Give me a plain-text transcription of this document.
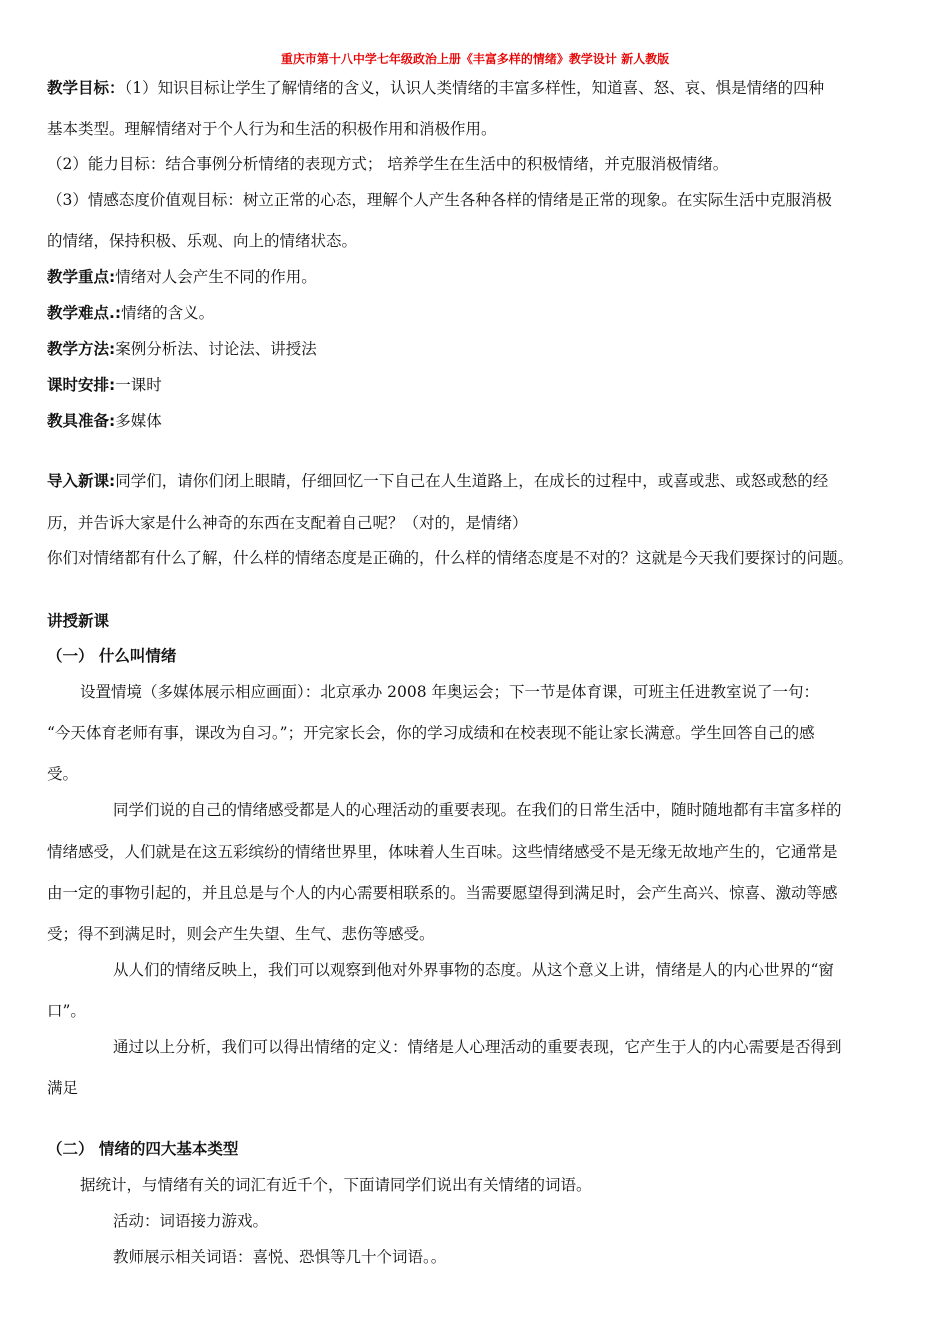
重庆市第十八中学七年级政治上册《丰富多样的情绪》教学设计 新人教版
教学目标：（1）知识目标让学生了解情绪的含义，认识人类情绪的丰富多样性，知道喜、怒、哀、惧是情绪的四种
基本类型。理解情绪对于个人行为和生活的积极作用和消极作用。
（2）能力目标：结合事例分析情绪的表现方式； 培养学生在生活中的积极情绪，并克服消极情绪。
（3）情感态度价值观目标：树立正常的心态，理解个人产生各种各样的情绪是正常的现象。在实际生活中克服消极
的情绪，保持积极、乐观、向上的情绪状态。
教学重点:情绪对人会产生不同的作用。
教学难点.:情绪的含义。
教学方法:案例分析法、讨论法、讲授法
课时安排:一课时
教具准备:多媒体
导入新课:同学们，请你们闭上眼睛，仔细回忆一下自己在人生道路上，在成长的过程中，或喜或悲、或怒或愁的经
历，并告诉大家是什么神奇的东西在支配着自己呢？（对的，是情绪）
你们对情绪都有什么了解，什么样的情绪态度是正确的，什么样的情绪态度是不对的？这就是今天我们要探讨的问题。
讲授新课
（一） 什么叫情绪
设置情境（多媒体展示相应画面）：北京承办 2008 年奥运会；下一节是体育课，可班主任进教室说了一句：
“今天体育老师有事，课改为自习。”；开完家长会，你的学习成绩和在校表现不能让家长满意。学生回答自己的感
受。
同学们说的自己的情绪感受都是人的心理活动的重要表现。在我们的日常生活中，随时随地都有丰富多样的
情绪感受，人们就是在这五彩缤纷的情绪世界里，体味着人生百味。这些情绪感受不是无缘无故地产生的，它通常是
由一定的事物引起的，并且总是与个人的内心需要相联系的。当需要愿望得到满足时，会产生高兴、惊喜、激动等感
受；得不到满足时，则会产生失望、生气、悲伤等感受。
从人们的情绪反映上，我们可以观察到他对外界事物的态度。从这个意义上讲，情绪是人的内心世界的“窗
口”。
通过以上分析，我们可以得出情绪的定义：情绪是人心理活动的重要表现，它产生于人的内心需要是否得到
满足
（二） 情绪的四大基本类型
据统计，与情绪有关的词汇有近千个，下面请同学们说出有关情绪的词语。
活动：词语接力游戏。
教师展示相关词语：喜悦、恐惧等几十个词语。。
